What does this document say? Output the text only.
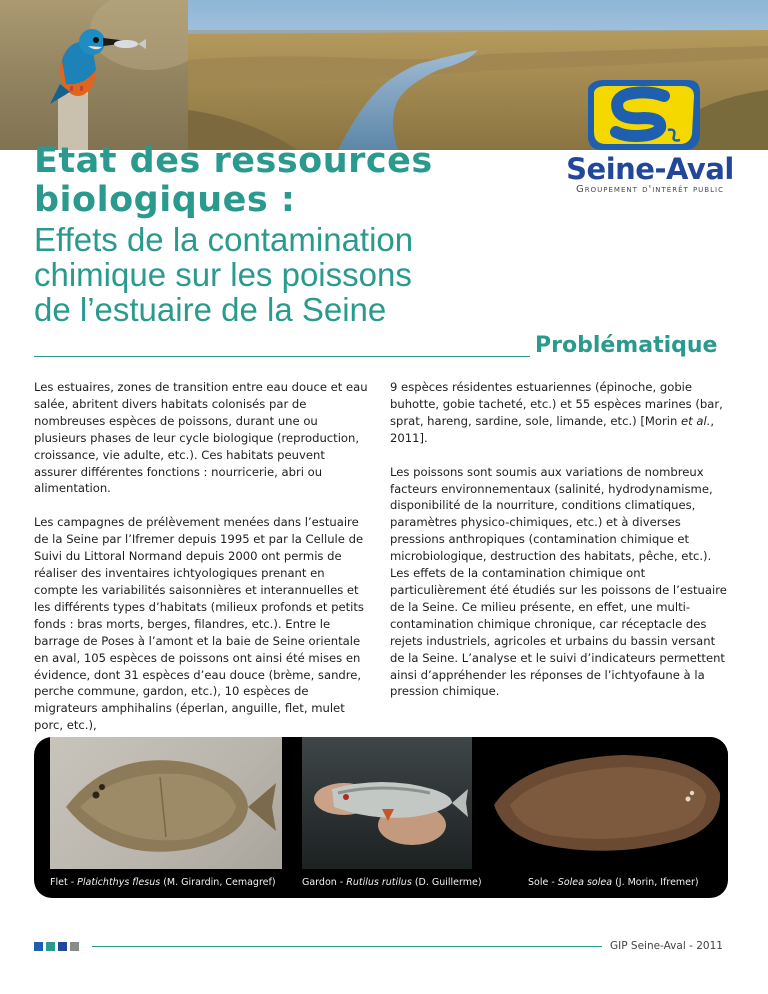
Seine-Aval
Groupement d'intérêt public
Etat des ressources
biologiques :
Effets de la contamination
chimique sur les poissons
de l’estuaire de la Seine
Problématique

Les estuaires, zones de transition entre eau douce et eau salée, abritent divers habitats colonisés par de nombreuses espèces de poissons, durant une ou plusieurs phases de leur cycle biologique (reproduction, croissance, vie adulte, etc.). Ces habitats peuvent assurer différentes fonctions : nourricerie, abri ou alimentation.

Les campagnes de prélèvement menées dans l’estuaire de la Seine par l’Ifremer depuis 1995 et par la Cellule de Suivi du Littoral Normand depuis 2000 ont permis de réaliser des inventaires ichtyologiques prenant en compte les variabilités saisonnières et interannuelles et les différents types d’habitats (milieux profonds et petits fonds : bras morts, berges, filandres, etc.). Entre le barrage de Poses à l’amont et la baie de Seine orientale en aval, 105 espèces de poissons ont ainsi été mises en évidence, dont 31 espèces d’eau douce (brème, sandre, perche commune, gardon, etc.), 10 espèces de migrateurs amphihalins (éperlan, anguille, flet, mulet porc, etc.),

9 espèces résidentes estuariennes (épinoche, gobie buhotte, gobie tacheté, etc.) et 55 espèces marines (bar, sprat, hareng, sardine, sole, limande, etc.) [Morin et al., 2011].

Les poissons sont soumis aux variations de nombreux facteurs environnementaux (salinité, hydrodynamisme, disponibilité de la nourriture, conditions climatiques, paramètres physico-chimiques, etc.) et à diverses pressions anthropiques (contamination chimique et microbiologique, destruction des habitats, pêche, etc.). Les effets de la contamination chimique ont particulièrement été étudiés sur les poissons de l’estuaire de la Seine. Ce milieu présente, en effet, une multi-contamination chimique chronique, car réceptacle des rejets industriels, agricoles et urbains du bassin versant de la Seine. L’analyse et le suivi d’indicateurs permettent ainsi d’appréhender les réponses de l’ichtyofaune à la pression chimique.

Flet - Platichthys flesus (M. Girardin, Cemagref)	Gardon - Rutilus rutilus (D. Guillerme)	Sole - Solea solea (J. Morin, Ifremer)
GIP Seine-Aval - 2011
